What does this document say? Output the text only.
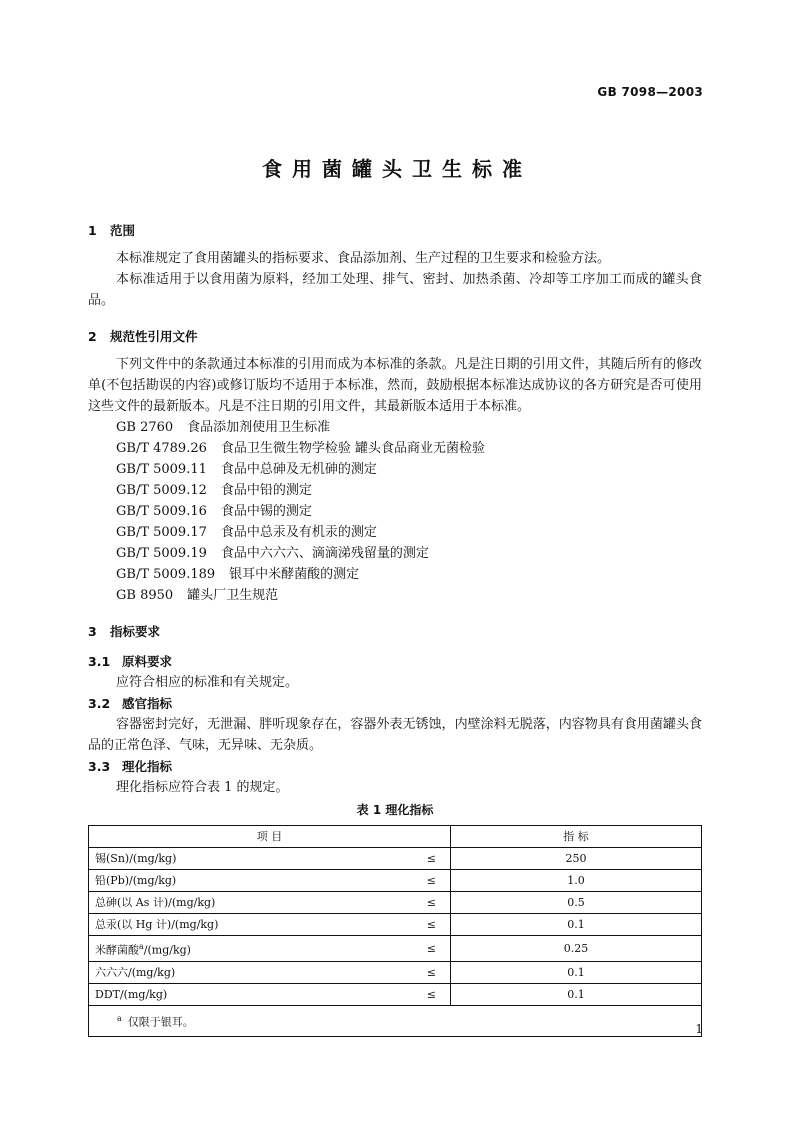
GB 7098—2003
食用菌罐头卫生标准
1 范围

本标准规定了食用菌罐头的指标要求、食品添加剂、生产过程的卫生要求和检验方法。

本标准适用于以食用菌为原料，经加工处理、排气、密封、加热杀菌、冷却等工序加工而成的罐头食品。

2 规范性引用文件

下列文件中的条款通过本标准的引用而成为本标准的条款。凡是注日期的引用文件，其随后所有的修改单(不包括勘误的内容)或修订版均不适用于本标准，然而，鼓励根据本标准达成协议的各方研究是否可使用这些文件的最新版本。凡是不注日期的引用文件，其最新版本适用于本标准。

GB 2760 食品添加剂使用卫生标准
GB/T 4789.26 食品卫生微生物学检验 罐头食品商业无菌检验
GB/T 5009.11 食品中总砷及无机砷的测定
GB/T 5009.12 食品中铅的测定
GB/T 5009.16 食品中锡的测定
GB/T 5009.17 食品中总汞及有机汞的测定
GB/T 5009.19 食品中六六六、滴滴涕残留量的测定
GB/T 5009.189 银耳中米酵菌酸的测定
GB 8950 罐头厂卫生规范
3 指标要求
3.1 原料要求

应符合相应的标准和有关规定。

3.2 感官指标

容器密封完好，无泄漏、胖听现象存在，容器外表无锈蚀，内壁涂料无脱落，内容物具有食用菌罐头食品的正常色泽、气味，无异味、无杂质。

3.3 理化指标

理化指标应符合表 1 的规定。

表 1 理化指标
项 目		指 标
锡(Sn)/(mg/kg)	≤	250
铅(Pb)/(mg/kg)	≤	1.0
总砷(以 As 计)/(mg/kg)	≤	0.5
总汞(以 Hg 计)/(mg/kg)	≤	0.1
米酵菌酸$^a$/(mg/kg)	≤	0.25
六六六/(mg/kg)	≤	0.1
DDT/(mg/kg)	≤	0.1
$^a$ 仅限于银耳。			1
